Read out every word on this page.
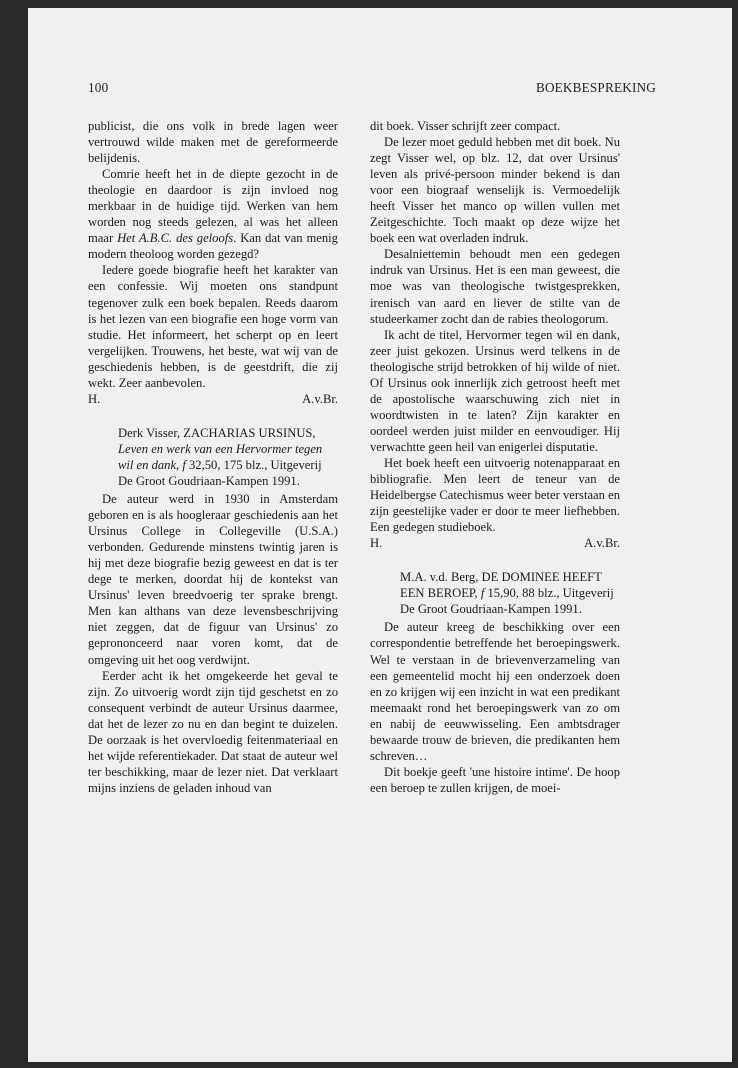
100	BOEKBESPREKING

publicist, die ons volk in brede lagen weer vertrouwd wilde maken met de gereformeerde belijdenis.

Comrie heeft het in de diepte gezocht in de theologie en daardoor is zijn invloed nog merkbaar in de huidige tijd. Werken van hem worden nog steeds gelezen, al was het alleen maar Het A.B.C. des geloofs. Kan dat van menig modern theoloog worden gezegd?

Iedere goede biografie heeft het karakter van een confessie. Wij moeten ons standpunt tegenover zulk een boek bepalen. Reeds daarom is het lezen van een biografie een hoge vorm van studie. Het informeert, het scherpt op en leert vergelijken. Trouwens, het beste, wat wij van de geschiedenis hebben, is de geestdrift, die zij wekt. Zeer aanbevolen.

H.	A.v.Br.
Derk Visser, ZACHARIAS URSINUS, Leven en werk van een Hervormer tegen wil en dank, f 32,50, 175 blz., Uitgeverij De Groot Goudriaan-Kampen 1991.

De auteur werd in 1930 in Amsterdam geboren en is als hoogleraar geschiedenis aan het Ursinus College in Collegeville (U.S.A.) verbonden. Gedurende minstens twintig jaren is hij met deze biografie bezig geweest en dat is ter dege te merken, doordat hij de kontekst van Ursinus' leven breedvoerig ter sprake brengt. Men kan althans van deze levensbeschrijving niet zeggen, dat de figuur van Ursinus' zo geprononceerd naar voren komt, dat de omgeving uit het oog verdwijnt.

Eerder acht ik het omgekeerde het geval te zijn. Zo uitvoerig wordt zijn tijd geschetst en zo consequent verbindt de auteur Ursinus daarmee, dat het de lezer zo nu en dan begint te duizelen. De oorzaak is het overvloedig feitenmateriaal en het wijde referentiekader. Dat staat de auteur wel ter beschikking, maar de lezer niet. Dat verklaart mijns inziens de geladen inhoud van

dit boek. Visser schrijft zeer compact.

De lezer moet geduld hebben met dit boek. Nu zegt Visser wel, op blz. 12, dat over Ursinus' leven als privé-persoon minder bekend is dan voor een biograaf wenselijk is. Vermoedelijk heeft Visser het manco op willen vullen met Zeitgeschichte. Toch maakt op deze wijze het boek een wat overladen indruk.

Desalniettemin behoudt men een gedegen indruk van Ursinus. Het is een man geweest, die moe was van theologische twistgesprekken, irenisch van aard en liever de stilte van de studeerkamer zocht dan de rabies theologorum.

Ik acht de titel, Hervormer tegen wil en dank, zeer juist gekozen. Ursinus werd telkens in de theologische strijd betrokken of hij wilde of niet. Of Ursinus ook innerlijk zich getroost heeft met de apostolische waarschuwing zich niet in woordtwisten in te laten? Zijn karakter en oordeel werden juist milder en eenvoudiger. Hij verwachtte geen heil van enigerlei disputatie.

Het boek heeft een uitvoerig notenapparaat en bibliografie. Men leert de teneur van de Heidelbergse Catechismus weer beter verstaan en zijn geestelijke vader er door te meer liefhebben. Een gedegen studieboek.

H.	A.v.Br.
M.A. v.d. Berg, DE DOMINEE HEEFT EEN BEROEP, f 15,90, 88 blz., Uitgeverij De Groot Goudriaan-Kampen 1991.

De auteur kreeg de beschikking over een correspondentie betreffende het beroepingswerk. Wel te verstaan in de brievenverzameling van een gemeentelid mocht hij een onderzoek doen en zo krijgen wij een inzicht in wat een predikant meemaakt rond het beroepingswerk van zo om en nabij de eeuwwisseling. Een ambtsdrager bewaarde trouw de brieven, die predikanten hem schreven…

Dit boekje geeft 'une histoire intime'. De hoop een beroep te zullen krijgen, de moei-
